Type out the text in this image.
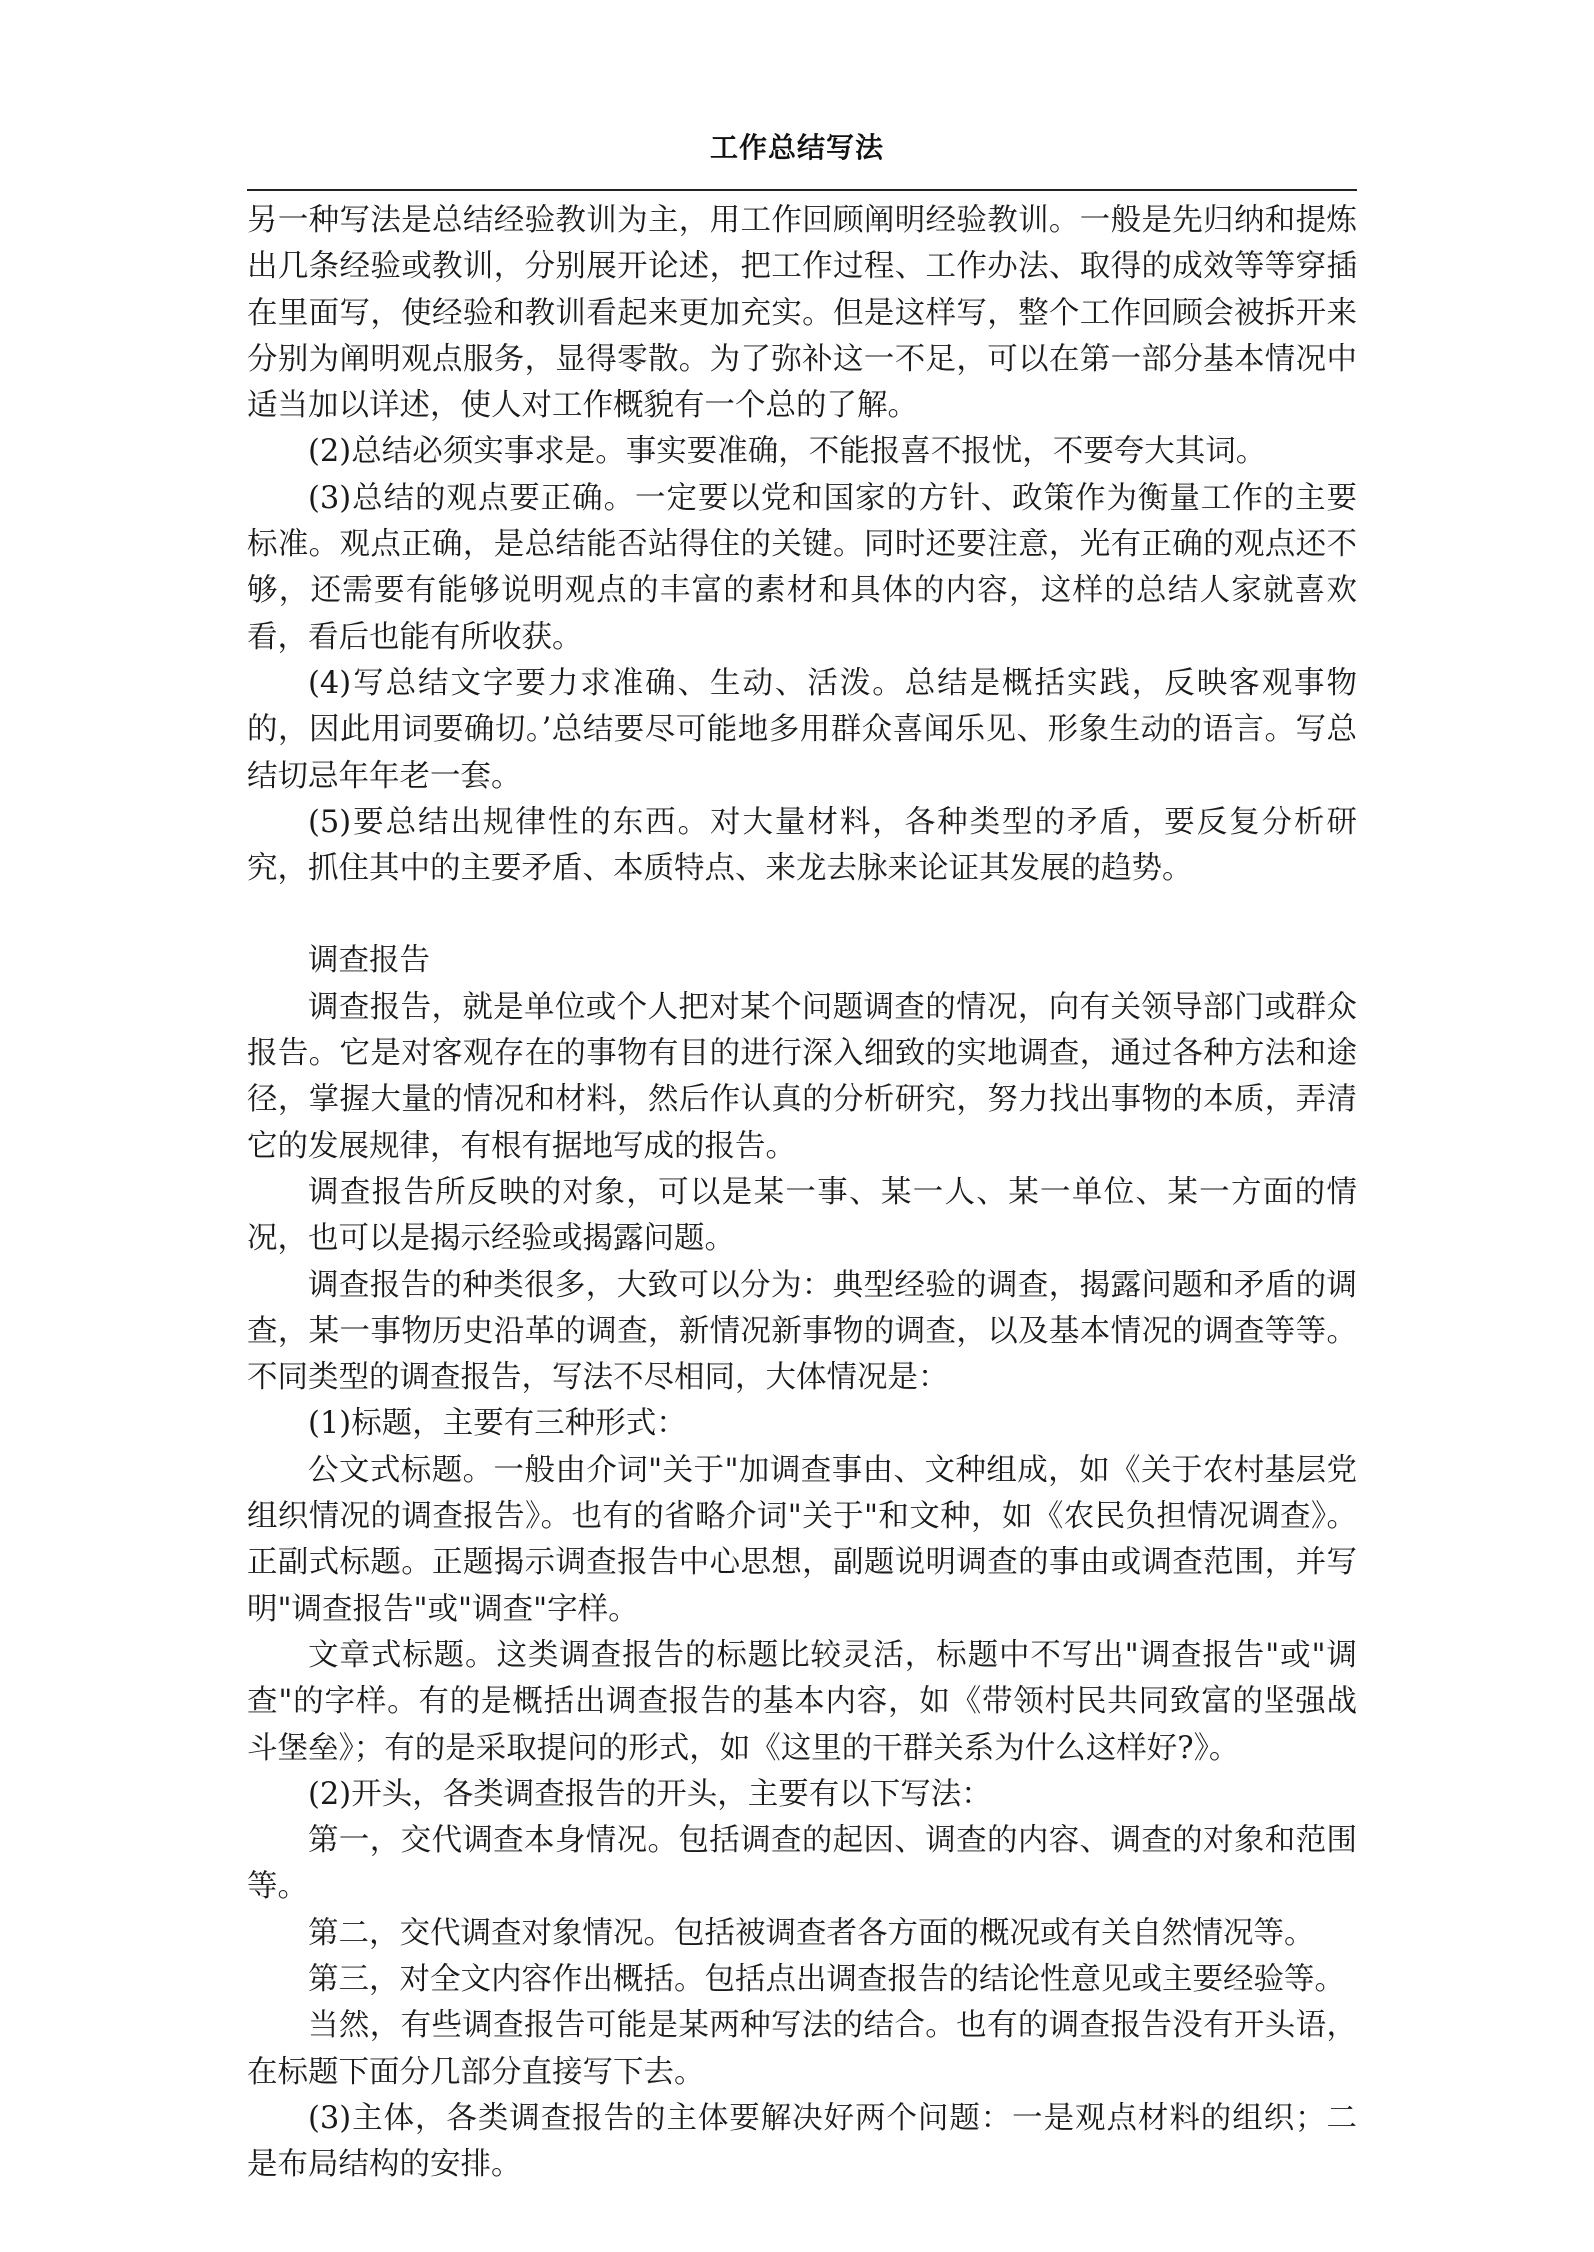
工作总结写法

另一种写法是总结经验教训为主，用工作回顾阐明经验教训。一般是先归纳和提炼出几条经验或教训，分别展开论述，把工作过程、工作办法、取得的成效等等穿插在里面写，使经验和教训看起来更加充实。但是这样写，整个工作回顾会被拆开来分别为阐明观点服务，显得零散。为了弥补这一不足，可以在第一部分基本情况中适当加以详述，使人对工作概貌有一个总的了解。

(2)总结必须实事求是。事实要准确，不能报喜不报忧，不要夸大其词。

(3)总结的观点要正确。一定要以党和国家的方针、政策作为衡量工作的主要标准。观点正确，是总结能否站得住的关键。同时还要注意，光有正确的观点还不够，还需要有能够说明观点的丰富的素材和具体的内容，这样的总结人家就喜欢看，看后也能有所收获。

(4)写总结文字要力求准确、生动、活泼。总结是概括实践，反映客观事物的，因此用词要确切。’总结要尽可能地多用群众喜闻乐见、形象生动的语言。写总结切忌年年老一套。

(5)要总结出规律性的东西。对大量材料，各种类型的矛盾，要反复分析研究，抓住其中的主要矛盾、本质特点、来龙去脉来论证其发展的趋势。

调查报告

调查报告，就是单位或个人把对某个问题调查的情况，向有关领导部门或群众报告。它是对客观存在的事物有目的进行深入细致的实地调查，通过各种方法和途径，掌握大量的情况和材料，然后作认真的分析研究，努力找出事物的本质，弄清它的发展规律，有根有据地写成的报告。

调查报告所反映的对象，可以是某一事、某一人、某一单位、某一方面的情况，也可以是揭示经验或揭露问题。

调查报告的种类很多，大致可以分为：典型经验的调查，揭露问题和矛盾的调查，某一事物历史沿革的调查，新情况新事物的调查，以及基本情况的调查等等。不同类型的调查报告，写法不尽相同，大体情况是：

(1)标题，主要有三种形式：

公文式标题。一般由介词"关于"加调查事由、文种组成，如《关于农村基层党组织情况的调查报告》。也有的省略介词"关于"和文种，如《农民负担情况调查》。正副式标题。正题揭示调查报告中心思想，副题说明调查的事由或调查范围，并写明"调查报告"或"调查"字样。

文章式标题。这类调查报告的标题比较灵活，标题中不写出"调查报告"或"调查"的字样。有的是概括出调查报告的基本内容，如《带领村民共同致富的坚强战斗堡垒》；有的是采取提问的形式，如《这里的干群关系为什么这样好?》。

(2)开头，各类调查报告的开头，主要有以下写法：

第一，交代调查本身情况。包括调查的起因、调查的内容、调查的对象和范围等。

第二，交代调查对象情况。包括被调查者各方面的概况或有关自然情况等。

第三，对全文内容作出概括。包括点出调查报告的结论性意见或主要经验等。

当然，有些调查报告可能是某两种写法的结合。也有的调查报告没有开头语，在标题下面分几部分直接写下去。

(3)主体，各类调查报告的主体要解决好两个问题：一是观点材料的组织；二是布局结构的安排。
